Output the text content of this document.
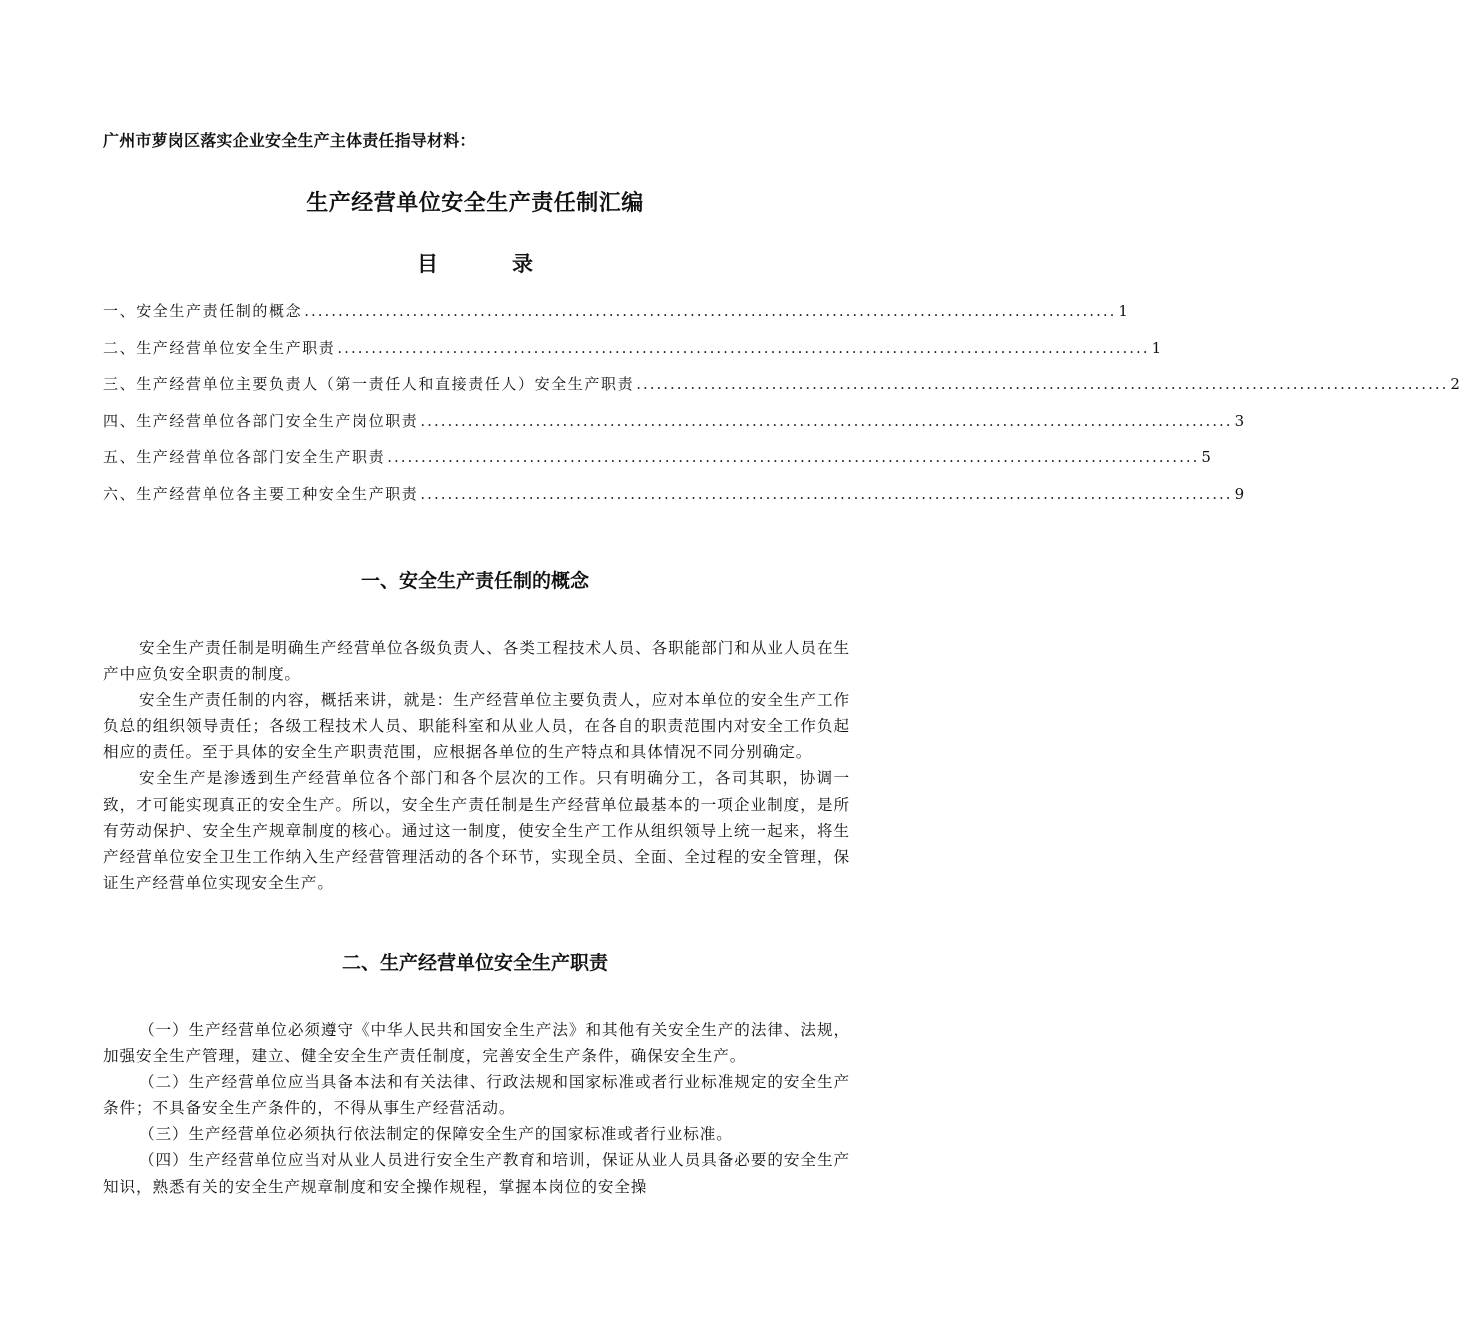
广州市萝岗区落实企业安全生产主体责任指导材料：
生产经营单位安全生产责任制汇编
目录
一、安全生产责任制的概念 ........................................................................................................................ 1
二、生产经营单位安全生产职责 ........................................................................................................................ 1
三、生产经营单位主要负责人（第一责任人和直接责任人）安全生产职责 ........................................................................................................................ 2
四、生产经营单位各部门安全生产岗位职责 ........................................................................................................................ 3
五、生产经营单位各部门安全生产职责 ........................................................................................................................ 5
六、生产经营单位各主要工种安全生产职责 ........................................................................................................................ 9
一、安全生产责任制的概念

安全生产责任制是明确生产经营单位各级负责人、各类工程技术人员、各职能部门和从业人员在生产中应负安全职责的制度。

安全生产责任制的内容，概括来讲，就是：生产经营单位主要负责人，应对本单位的安全生产工作负总的组织领导责任；各级工程技术人员、职能科室和从业人员，在各自的职责范围内对安全工作负起相应的责任。至于具体的安全生产职责范围，应根据各单位的生产特点和具体情况不同分别确定。

安全生产是渗透到生产经营单位各个部门和各个层次的工作。只有明确分工，各司其职，协调一致，才可能实现真正的安全生产。所以，安全生产责任制是生产经营单位最基本的一项企业制度，是所有劳动保护、安全生产规章制度的核心。通过这一制度，使安全生产工作从组织领导上统一起来，将生产经营单位安全卫生工作纳入生产经营管理活动的各个环节，实现全员、全面、全过程的安全管理，保证生产经营单位实现安全生产。

二、生产经营单位安全生产职责

（一）生产经营单位必须遵守《中华人民共和国安全生产法》和其他有关安全生产的法律、法规，加强安全生产管理，建立、健全安全生产责任制度，完善安全生产条件，确保安全生产。

（二）生产经营单位应当具备本法和有关法律、行政法规和国家标准或者行业标准规定的安全生产条件；不具备安全生产条件的，不得从事生产经营活动。

（三）生产经营单位必须执行依法制定的保障安全生产的国家标准或者行业标准。

（四）生产经营单位应当对从业人员进行安全生产教育和培训，保证从业人员具备必要的安全生产知识，熟悉有关的安全生产规章制度和安全操作规程，掌握本岗位的安全操
